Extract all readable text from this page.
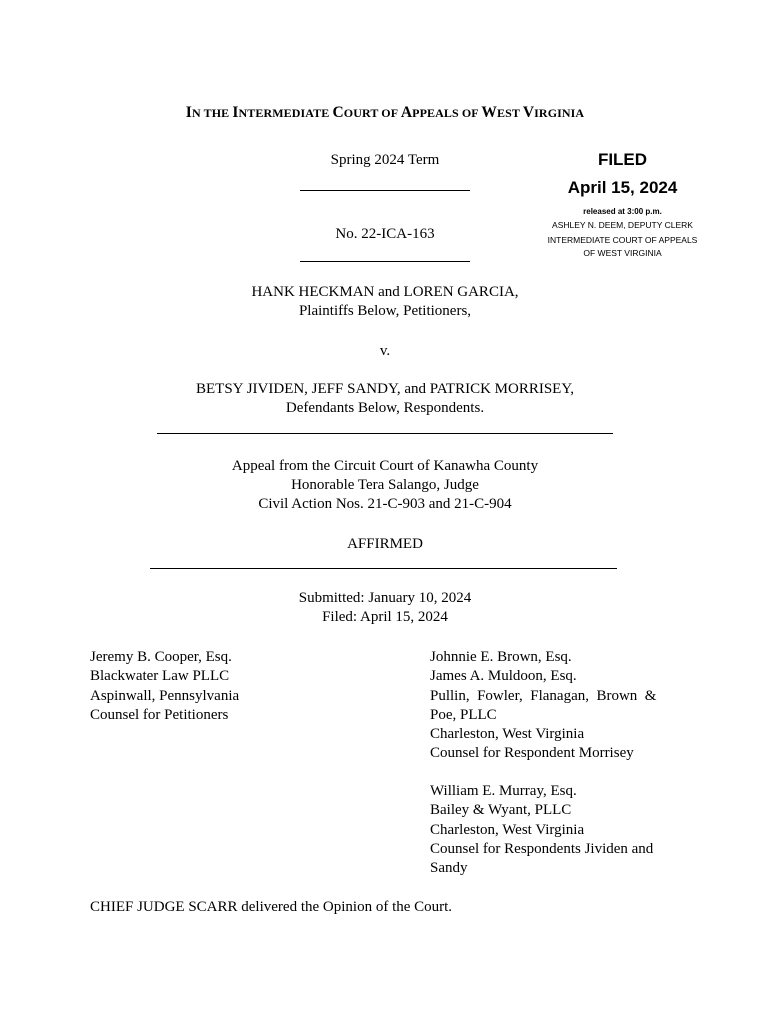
IN THE INTERMEDIATE COURT OF APPEALS OF WEST VIRGINIA
Spring 2024 Term
No. 22-ICA-163
FILED
April 15, 2024
released at 3:00 p.m.
ASHLEY N. DEEM, DEPUTY CLERK
INTERMEDIATE COURT OF APPEALS
OF WEST VIRGINIA
HANK HECKMAN and LOREN GARCIA,
Plaintiffs Below, Petitioners,
v.
BETSY JIVIDEN, JEFF SANDY, and PATRICK MORRISEY,
Defendants Below, Respondents.
Appeal from the Circuit Court of Kanawha County
Honorable Tera Salango, Judge
Civil Action Nos. 21-C-903 and 21-C-904
AFFIRMED
Submitted: January 10, 2024
Filed: April 15, 2024
Jeremy B. Cooper, Esq.
Blackwater Law PLLC
Aspinwall, Pennsylvania
Counsel for Petitioners
Johnnie E. Brown, Esq.
James A. Muldoon, Esq.
Pullin,  Fowler,  Flanagan,  Brown  &
Poe, PLLC
Charleston, West Virginia
Counsel for Respondent Morrisey
William E. Murray, Esq.
Bailey & Wyant, PLLC
Charleston, West Virginia
Counsel for Respondents Jividen and
Sandy
CHIEF JUDGE SCARR delivered the Opinion of the Court.
